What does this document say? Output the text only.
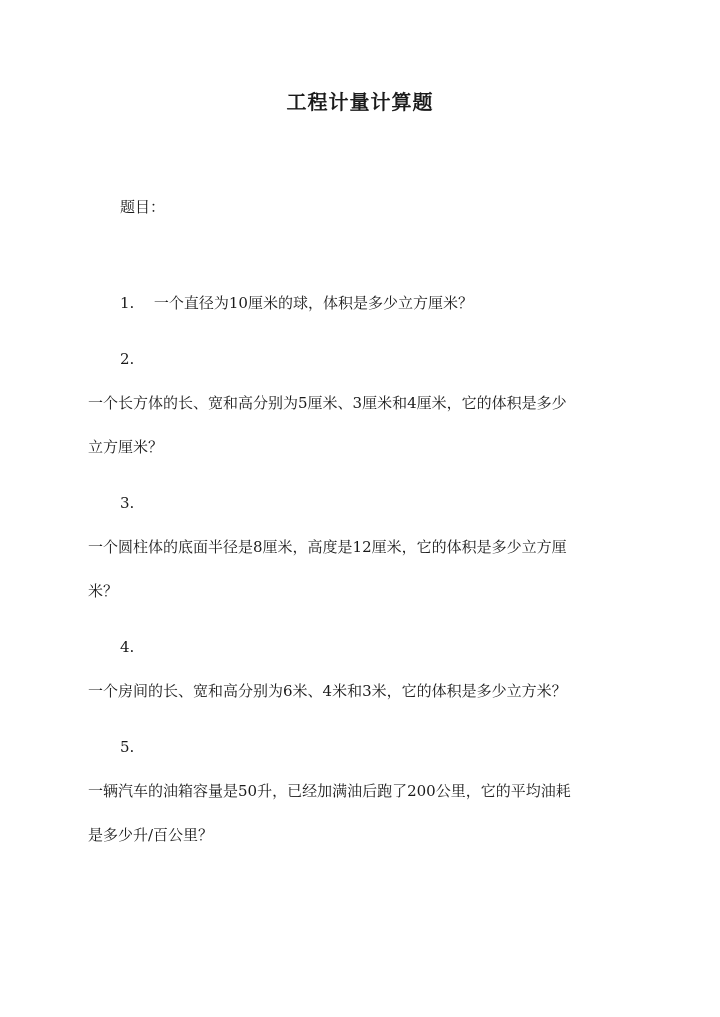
工程计量计算题
题目：
1. 一个直径为10厘米的球，体积是多少立方厘米？
2.
一个长方体的长、宽和高分别为5厘米、3厘米和4厘米，它的体积是多少
立方厘米？
3.
一个圆柱体的底面半径是8厘米，高度是12厘米，它的体积是多少立方厘
米？
4.
一个房间的长、宽和高分别为6米、4米和3米，它的体积是多少立方米？
5.
一辆汽车的油箱容量是50升，已经加满油后跑了200公里，它的平均油耗
是多少升/百公里？
